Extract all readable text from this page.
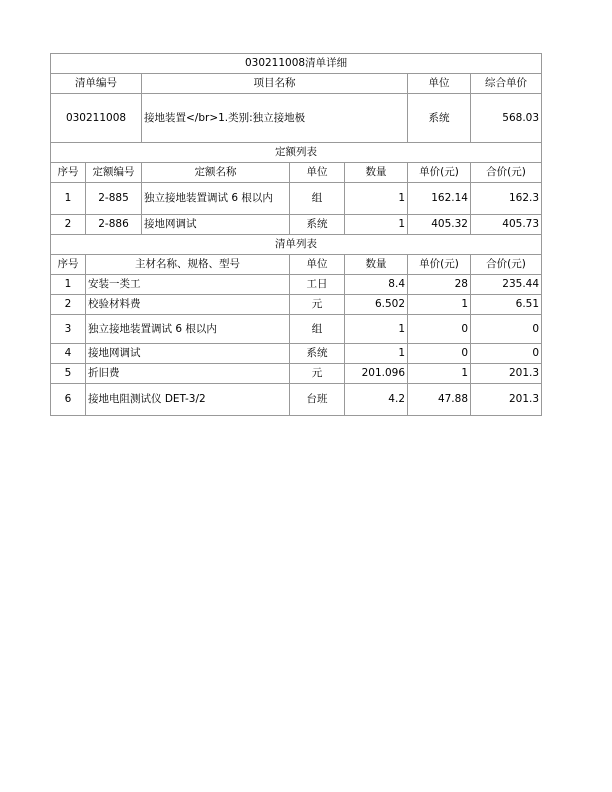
030211008清单详细						
清单编号		项目名称			单位	综合单价
030211008		接地装置</br>1.类别:独立接地极			系统	568.03
定额列表						
序号	定额编号	定额名称	单位	数量	单价(元)	合价(元)
1	2-885	独立接地装置调试 6 根以内	组	1	162.14	162.3
2	2-886	接地网调试	系统	1	405.32	405.73
清单列表						
序号	主材名称、规格、型号		单位	数量	单价(元)	合价(元)
1	安装一类工		工日	8.4	28	235.44
2	校验材料费		元	6.502	1	6.51
3	独立接地装置调试 6 根以内		组	1	0	0
4	接地网调试		系统	1	0	0
5	折旧费		元	201.096	1	201.3
6	接地电阻测试仪 DET-3/2		台班	4.2	47.88	201.3
